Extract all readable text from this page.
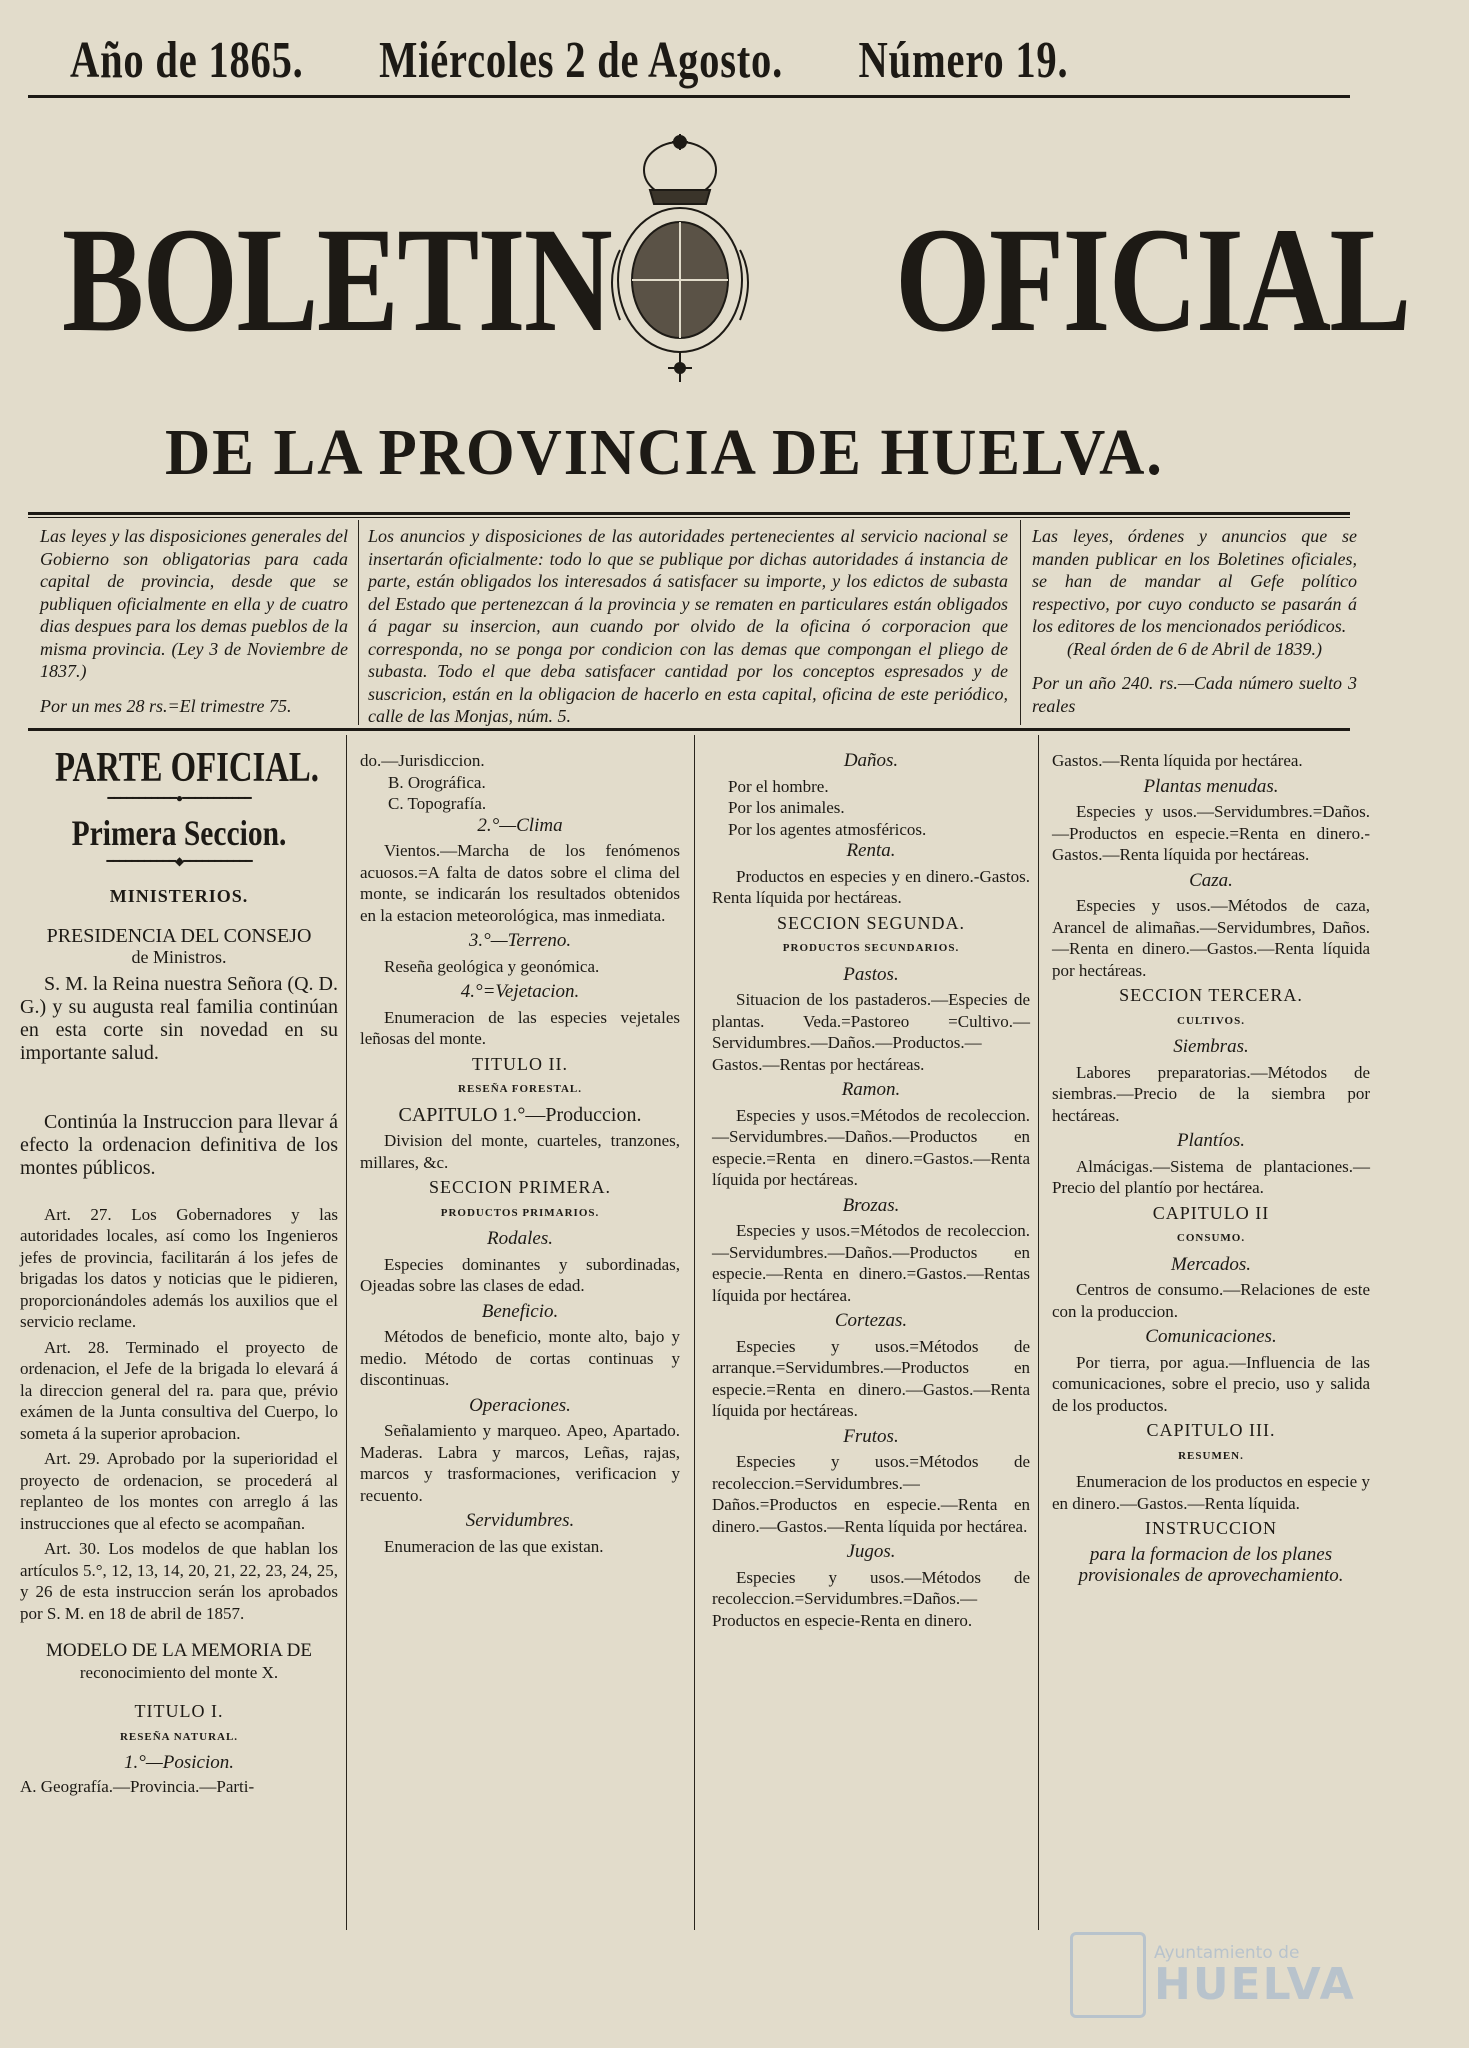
Año de 1865. Miércoles 2 de Agosto. Número 19.
BOLETIN OFICIAL
DE LA PROVINCIA DE HUELVA.

Las leyes y las disposiciones generales del Gobierno son obligatorias para cada capital de provincia, desde que se publiquen oficialmente en ella y de cuatro dias despues para los demas pueblos de la misma provincia. (Ley 3 de Noviembre de 1837.)

Por un mes 28 rs.=El trimestre 75.

Los anuncios y disposiciones de las autoridades pertenecientes al servicio nacional se insertarán oficialmente: todo lo que se publique por dichas autoridades á instancia de parte, están obligados los interesados á satisfacer su importe, y los edictos de subasta del Estado que pertenezcan á la provincia y se rematen en particulares están obligados á pagar su insercion, aun cuando por olvido de la oficina ó corporacion que corresponda, no se ponga por condicion con las demas que compongan el pliego de subasta. Todo el que deba satisfacer cantidad por los conceptos espresados y de suscricion, están en la obligacion de hacerlo en esta capital, oficina de este periódico, calle de las Monjas, núm. 5.

Las leyes, órdenes y anuncios que se manden publicar en los Boletines oficiales, se han de mandar al Gefe político respectivo, por cuyo conducto se pasarán á los editores de los mencionados periódicos.

(Real órden de 6 de Abril de 1839.)

Por un año 240. rs.—Cada número suelto 3 reales

PARTE OFICIAL.
━━━━━━━━━━━●━━━━━━━━━━━
Primera Seccion.
━━━━━━━━━━━◆━━━━━━━━━━━
MINISTERIOS.

PRESIDENCIA DEL CONSEJO

de Ministros.

S. M. la Reina nuestra Señora (Q. D. G.) y su augusta real familia continúan en esta corte sin novedad en su importante salud.

Continúa la Instruccion para llevar á efecto la ordenacion definitiva de los montes públicos.

Art. 27. Los Gobernadores y las autoridades locales, así como los Ingenieros jefes de provincia, facilitarán á los jefes de brigadas los datos y noticias que le pidieren, proporcionándoles además los auxilios que el servicio reclame.

Art. 28. Terminado el proyecto de ordenacion, el Jefe de la brigada lo elevará á la direccion general del ra. para que, prévio exámen de la Junta consultiva del Cuerpo, lo someta á la superior aprobacion.

Art. 29. Aprobado por la superioridad el proyecto de ordenacion, se procederá al replanteo de los montes con arreglo á las instrucciones que al efecto se acompañan.

Art. 30. Los modelos de que hablan los artículos 5.°, 12, 13, 14, 20, 21, 22, 23, 24, 25, y 26 de esta instruccion serán los aprobados por S. M. en 18 de abril de 1857.

MODELO DE LA MEMORIA DE

reconocimiento del monte X.

TITULO I.

RESEÑA NATURAL.

1.°—Posicion.

A. Geografía.—Provincia.—Parti-

do.—Jurisdiccion.

B. Orográfica.

C. Topografía.

2.°—Clima

Vientos.—Marcha de los fenómenos acuosos.=A falta de datos sobre el clima del monte, se indicarán los resultados obtenidos en la estacion meteorológica, mas inmediata.

3.°—Terreno.

Reseña geológica y geonómica.

4.°=Vejetacion.

Enumeracion de las especies vejetales leñosas del monte.

TITULO II.

RESEÑA FORESTAL.

CAPITULO 1.°—Produccion.

Division del monte, cuarteles, tranzones, millares, &c.

SECCION PRIMERA.

PRODUCTOS PRIMARIOS.

Rodales.

Especies dominantes y subordinadas, Ojeadas sobre las clases de edad.

Beneficio.

Métodos de beneficio, monte alto, bajo y medio. Método de cortas continuas y discontinuas.

Operaciones.

Señalamiento y marqueo. Apeo, Apartado. Maderas. Labra y marcos, Leñas, rajas, marcos y trasformaciones, verificacion y recuento.

Servidumbres.

Enumeracion de las que existan.

Daños.

Por el hombre.

Por los animales.

Por los agentes atmosféricos.

Renta.

Productos en especies y en dinero.-Gastos. Renta líquida por hectáreas.

SECCION SEGUNDA.

PRODUCTOS SECUNDARIOS.

Pastos.

Situacion de los pastaderos.—Especies de plantas. Veda.=Pastoreo =Cultivo.—Servidumbres.—Daños.—Productos.—Gastos.—Rentas por hectáreas.

Ramon.

Especies y usos.=Métodos de recoleccion.—Servidumbres.—Daños.—Productos en especie.=Renta en dinero.=Gastos.—Renta líquida por hectáreas.

Brozas.

Especies y usos.=Métodos de recoleccion.—Servidumbres.—Daños.—Productos en especie.—Renta en dinero.=Gastos.—Rentas líquida por hectárea.

Cortezas.

Especies y usos.=Métodos de arranque.=Servidumbres.—Productos en especie.=Renta en dinero.—Gastos.—Renta líquida por hectáreas.

Frutos.

Especies y usos.=Métodos de recoleccion.=Servidumbres.—Daños.=Productos en especie.—Renta en dinero.—Gastos.—Renta líquida por hectárea.

Jugos.

Especies y usos.—Métodos de recoleccion.=Servidumbres.=Daños.—Productos en especie-Renta en dinero.

Gastos.—Renta líquida por hectárea.

Plantas menudas.

Especies y usos.—Servidumbres.=Daños.—Productos en especie.=Renta en dinero.-Gastos.—Renta líquida por hectáreas.

Caza.

Especies y usos.—Métodos de caza, Arancel de alimañas.—Servidumbres, Daños.—Renta en dinero.—Gastos.—Renta líquida por hectáreas.

SECCION TERCERA.

CULTIVOS.

Siembras.

Labores preparatorias.—Métodos de siembras.—Precio de la siembra por hectáreas.

Plantíos.

Almácigas.—Sistema de plantaciones.—Precio del plantío por hectárea.

CAPITULO II

CONSUMO.

Mercados.

Centros de consumo.—Relaciones de este con la produccion.

Comunicaciones.

Por tierra, por agua.—Influencia de las comunicaciones, sobre el precio, uso y salida de los productos.

CAPITULO III.

RESUMEN.

Enumeracion de los productos en especie y en dinero.—Gastos.—Renta líquida.

INSTRUCCION

para la formacion de los planes provisionales de aprovechamiento.

Ayuntamiento de
HUELVA
